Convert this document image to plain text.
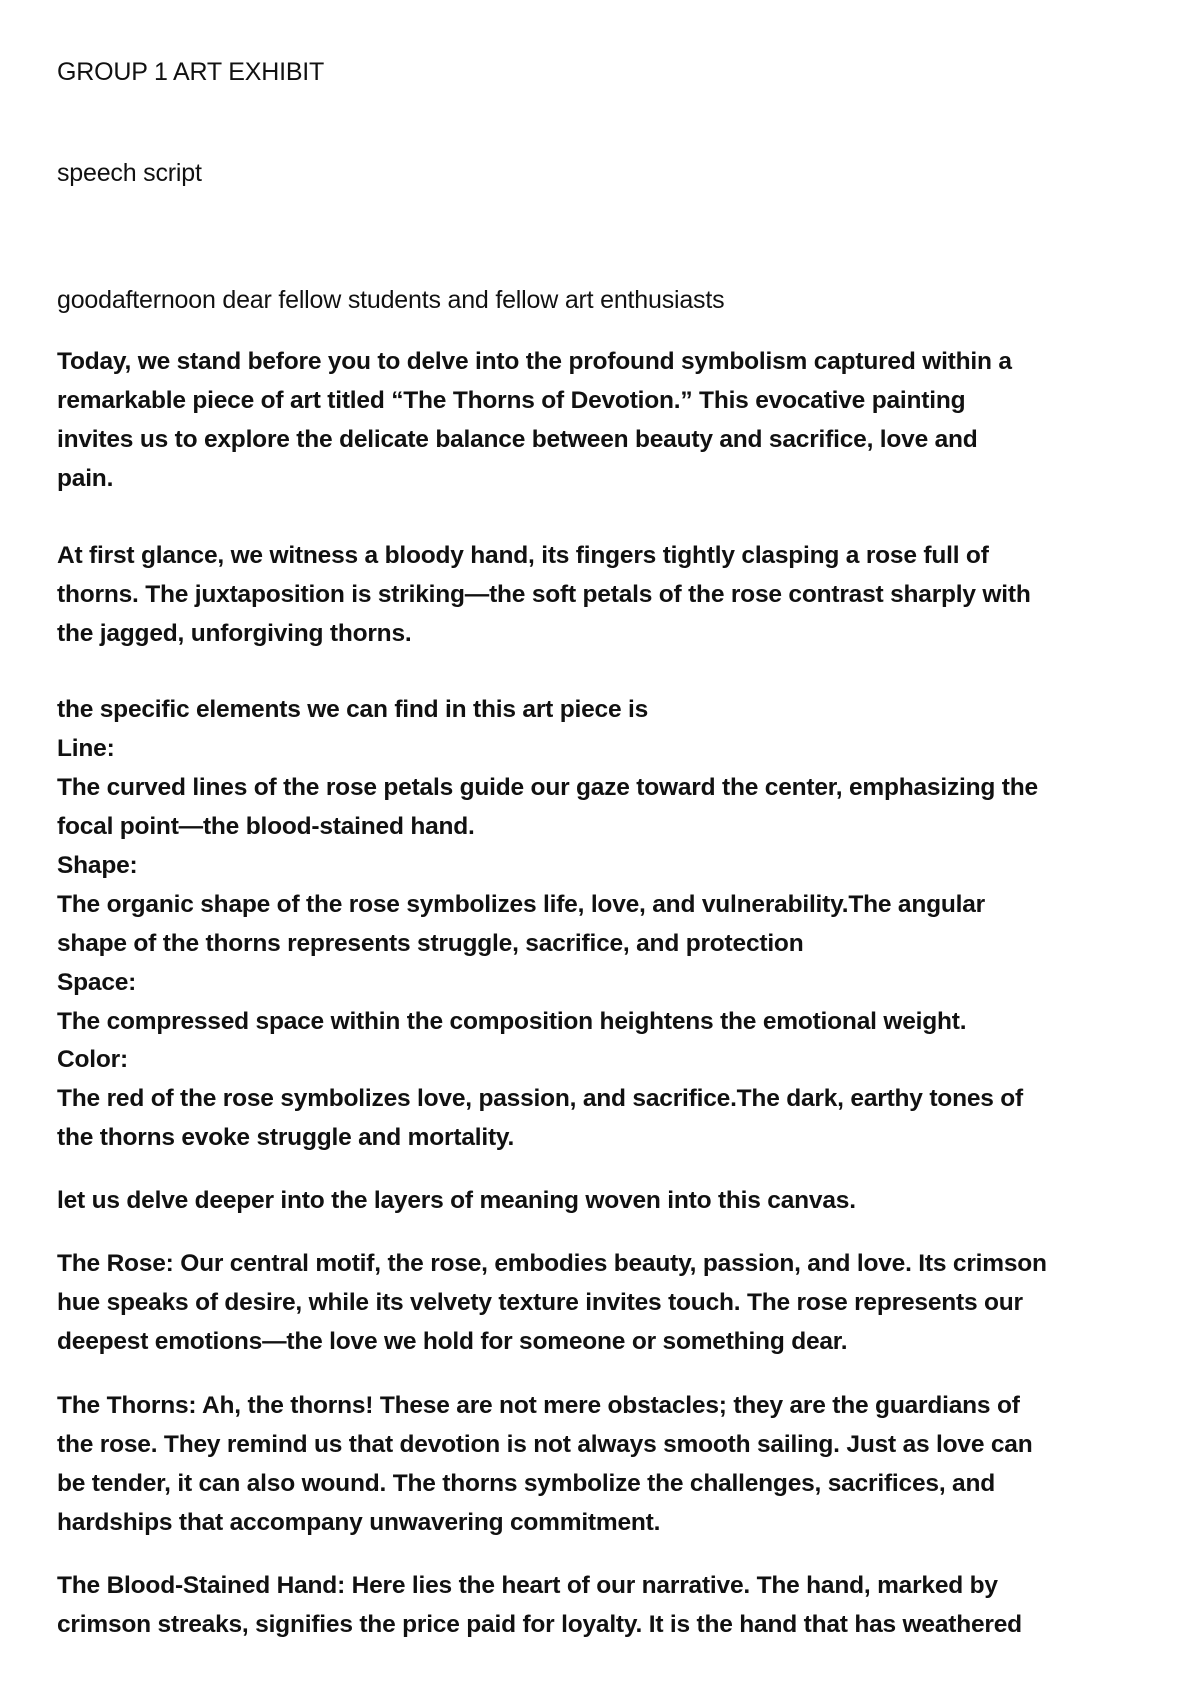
GROUP 1 ART EXHIBIT
speech script
goodafternoon dear fellow students and fellow art enthusiasts
Today, we stand before you to delve into the profound symbolism captured within a
remarkable piece of art titled “The Thorns of Devotion.” This evocative painting
invites us to explore the delicate balance between beauty and sacrifice, love and
pain.
At first glance, we witness a bloody hand, its fingers tightly clasping a rose full of
thorns. The juxtaposition is striking—the soft petals of the rose contrast sharply with
the jagged, unforgiving thorns.
the specific elements we can find in this art piece is
Line:
The curved lines of the rose petals guide our gaze toward the center, emphasizing the
focal point—the blood-stained hand.
Shape:
The organic shape of the rose symbolizes life, love, and vulnerability.The angular
shape of the thorns represents struggle, sacrifice, and protection
Space:
The compressed space within the composition heightens the emotional weight.
Color:
The red of the rose symbolizes love, passion, and sacrifice.The dark, earthy tones of
the thorns evoke struggle and mortality.
let us delve deeper into the layers of meaning woven into this canvas.
The Rose: Our central motif, the rose, embodies beauty, passion, and love. Its crimson
hue speaks of desire, while its velvety texture invites touch. The rose represents our
deepest emotions—the love we hold for someone or something dear.
The Thorns: Ah, the thorns! These are not mere obstacles; they are the guardians of
the rose. They remind us that devotion is not always smooth sailing. Just as love can
be tender, it can also wound. The thorns symbolize the challenges, sacrifices, and
hardships that accompany unwavering commitment.
The Blood-Stained Hand: Here lies the heart of our narrative. The hand, marked by
crimson streaks, signifies the price paid for loyalty. It is the hand that has weathered
